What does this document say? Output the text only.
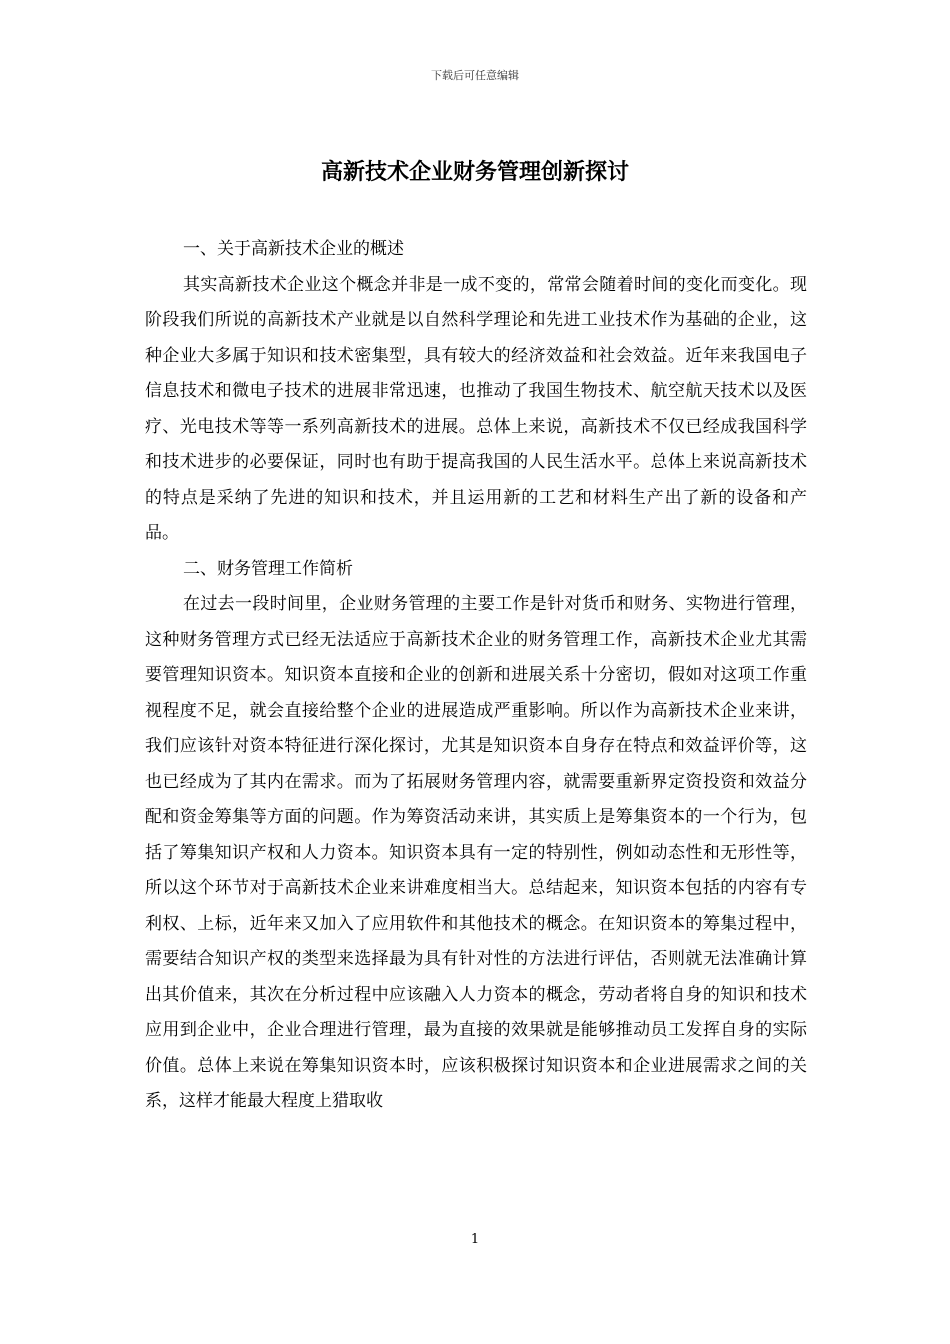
下载后可任意编辑
高新技术企业财务管理创新探讨

一、关于高新技术企业的概述

其实高新技术企业这个概念并非是一成不变的，常常会随着时间的变化而变化。现阶段我们所说的高新技术产业就是以自然科学理论和先进工业技术作为基础的企业，这种企业大多属于知识和技术密集型，具有较大的经济效益和社会效益。近年来我国电子信息技术和微电子技术的进展非常迅速，也推动了我国生物技术、航空航天技术以及医疗、光电技术等等一系列高新技术的进展。总体上来说，高新技术不仅已经成我国科学和技术进步的必要保证，同时也有助于提高我国的人民生活水平。总体上来说高新技术的特点是采纳了先进的知识和技术，并且运用新的工艺和材料生产出了新的设备和产品。

二、财务管理工作简析

在过去一段时间里，企业财务管理的主要工作是针对货币和财务、实物进行管理，这种财务管理方式已经无法适应于高新技术企业的财务管理工作，高新技术企业尤其需要管理知识资本。知识资本直接和企业的创新和进展关系十分密切，假如对这项工作重视程度不足，就会直接给整个企业的进展造成严重影响。所以作为高新技术企业来讲，我们应该针对资本特征进行深化探讨，尤其是知识资本自身存在特点和效益评价等，这也已经成为了其内在需求。而为了拓展财务管理内容，就需要重新界定资投资和效益分配和资金筹集等方面的问题。作为筹资活动来讲，其实质上是筹集资本的一个行为，包括了筹集知识产权和人力资本。知识资本具有一定的特别性，例如动态性和无形性等，所以这个环节对于高新技术企业来讲难度相当大。总结起来，知识资本包括的内容有专利权、上标，近年来又加入了应用软件和其他技术的概念。在知识资本的筹集过程中，需要结合知识产权的类型来选择最为具有针对性的方法进行评估，否则就无法准确计算出其价值来，其次在分析过程中应该融入人力资本的概念，劳动者将自身的知识和技术应用到企业中，企业合理进行管理，最为直接的效果就是能够推动员工发挥自身的实际价值。总体上来说在筹集知识资本时，应该积极探讨知识资本和企业进展需求之间的关系，这样才能最大程度上猎取收

1
